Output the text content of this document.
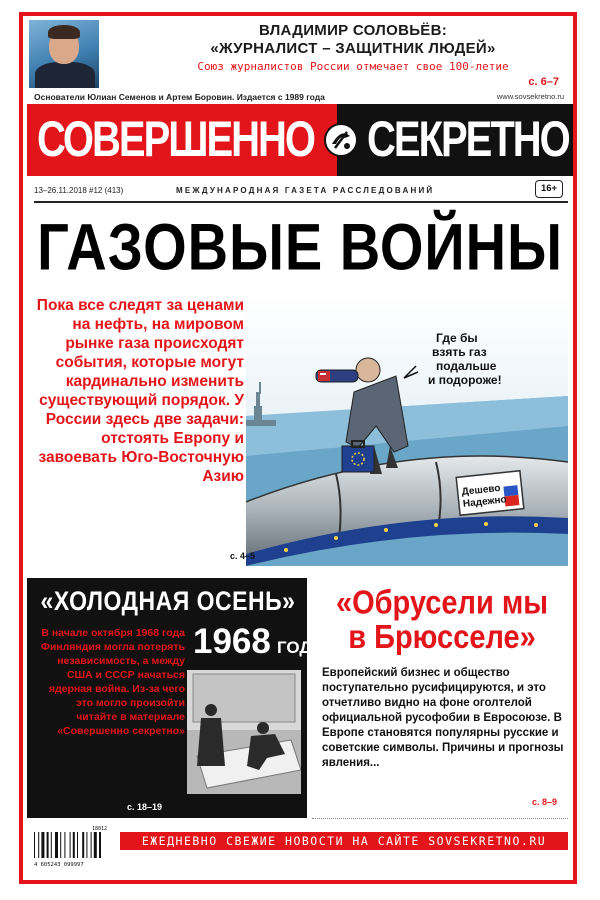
ВЛАДИМИР СОЛОВЬЁВ:
«ЖУРНАЛИСТ – ЗАЩИТНИК ЛЮДЕЙ»
Союз журналистов России отмечает свое 100-летие
с. 6–7
Основатели Юлиан Семенов и Артем Боровин. Издается с 1989 года	www.sovsekretno.ru
СОВЕРШЕННО	СЕКРЕТНО
13–26.11.2018 #12 (413)	МЕЖДУНАРОДНАЯ ГАЗЕТА РАССЛЕДОВАНИЙ	16+
ГАЗОВЫЕ ВОЙНЫ
Пока все следят за ценами на нефть, на мировом рынке газа происходят события, которые могут кардинально изменить существующий порядок. У России здесь две задачи: отстоять Европу и завоевать Юго-Восточную Азию
Дешево
Надежно
Где бы
взять газ
подальше
и подороже!
с. 4–5
«ХОЛОДНАЯ ОСЕНЬ»
1968 ГОДА
В начале октября 1968 года Финляндия могла потерять независимость, а между США и СССР начаться ядерная война. Из-за чего это могло произойти читайте в материале «Совершенно секретно»
с. 18–19
«Обрусели мы
в Брюсселе»
Европейский бизнес и общество поступательно русифицируются, и это отчетливо видно на фоне оголтелой официальной русофобии в Евросоюзе. В Европе становятся популярны русские и советские символы. Причины и прогнозы явления...
с. 8–9
18012
4 605243 099997
ЕЖЕДНЕВНО СВЕЖИЕ НОВОСТИ НА САЙТЕ SOVSEKRETNO.RU
